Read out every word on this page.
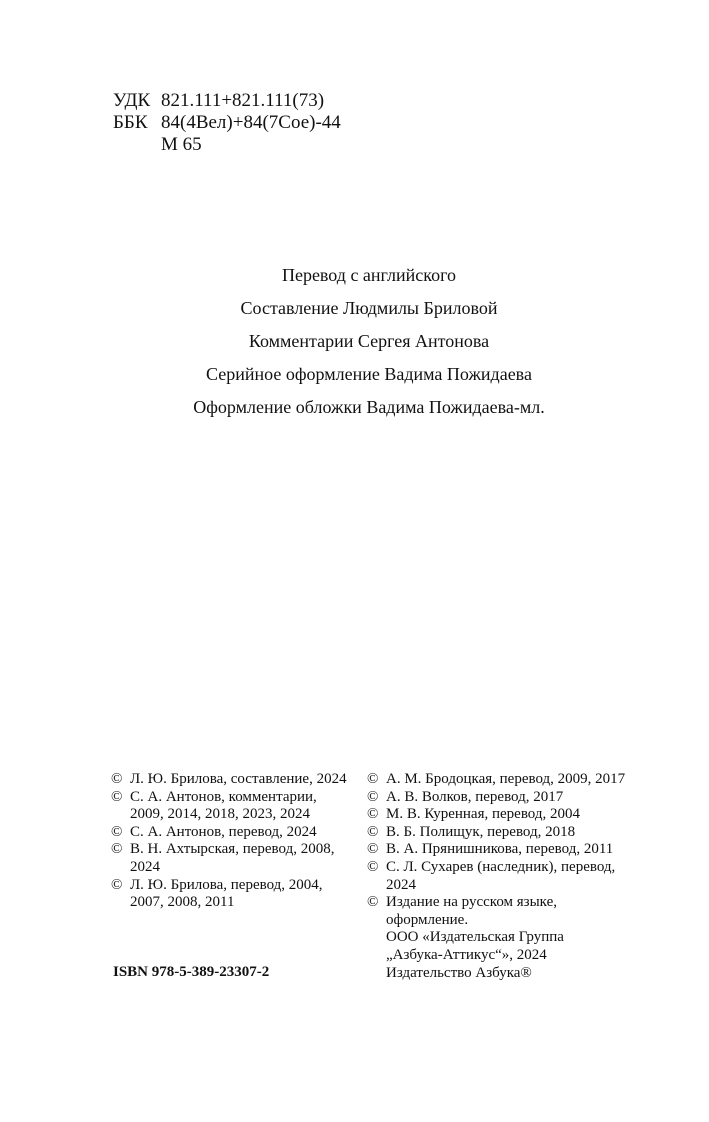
УДК 821.111+821.111(73)
ББК 84(4Вел)+84(7Сое)-44
М 65
Перевод с английского
Составление Людмилы Бриловой
Комментарии Сергея Антонова
Серийное оформление Вадима Пожидаева
Оформление обложки Вадима Пожидаева-мл.
© Л. Ю. Брилова, составление, 2024
© С. А. Антонов, комментарии,
2009, 2014, 2018, 2023, 2024
© С. А. Антонов, перевод, 2024
© В. Н. Ахтырская, перевод, 2008,
2024
© Л. Ю. Брилова, перевод, 2004,
2007, 2008, 2011
© А. М. Бродоцкая, перевод, 2009, 2017
© А. В. Волков, перевод, 2017
© М. В. Куренная, перевод, 2004
© В. Б. Полищук, перевод, 2018
© В. А. Прянишникова, перевод, 2011
© С. Л. Сухарев (наследник), перевод,
2024
© Издание на русском языке,
оформление.
ООО «Издательская Группа
„Азбука-Аттикус“», 2024
Издательство Азбука®
ISBN 978-5-389-23307-2
